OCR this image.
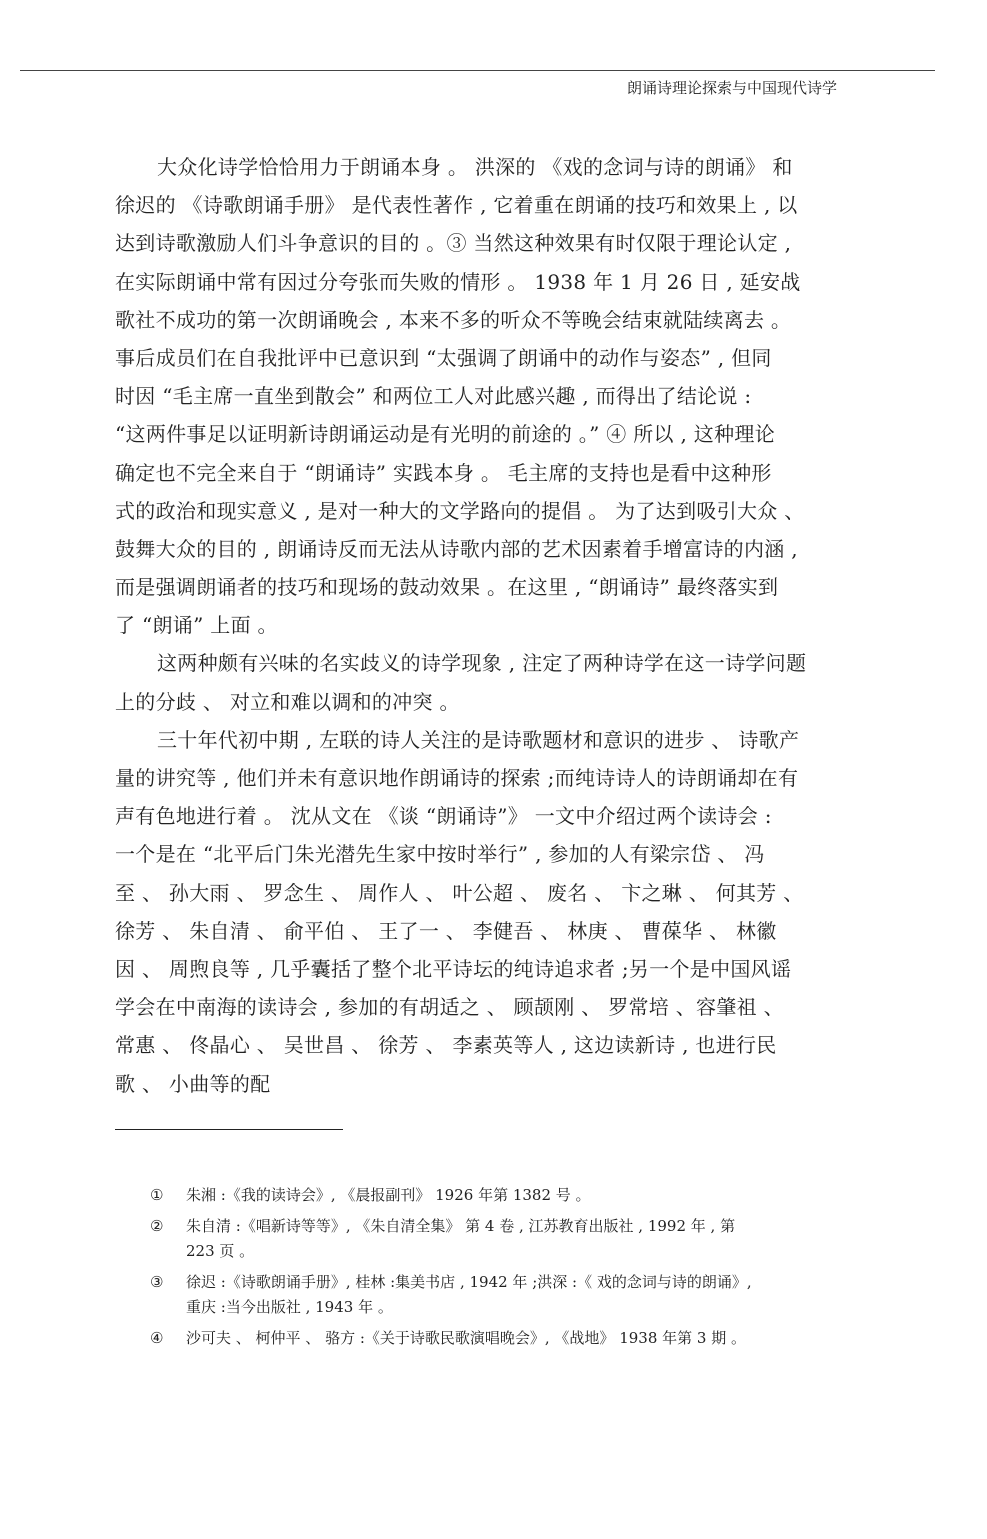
朗诵诗理论探索与中国现代诗学
大众化诗学恰恰用力于朗诵本身 。 洪深的 《戏的念词与诗的朗诵》 和
徐迟的 《诗歌朗诵手册》 是代表性著作 , 它着重在朗诵的技巧和效果上 , 以
达到诗歌激励人们斗争意识的目的 。③ 当然这种效果有时仅限于理论认定 ,
在实际朗诵中常有因过分夸张而失败的情形 。 1938 年 1 月 26 日 , 延安战
歌社不成功的第一次朗诵晚会 , 本来不多的听众不等晚会结束就陆续离去 。
事后成员们在自我批评中已意识到 “太强调了朗诵中的动作与姿态” , 但同
时因 “毛主席一直坐到散会” 和两位工人对此感兴趣 , 而得出了结论说 :
“这两件事足以证明新诗朗诵运动是有光明的前途的 。” ④ 所以 , 这种理论
确定也不完全来自于 “朗诵诗” 实践本身 。 毛主席的支持也是看中这种形
式的政治和现实意义 , 是对一种大的文学路向的提倡 。 为了达到吸引大众 、
鼓舞大众的目的 , 朗诵诗反而无法从诗歌内部的艺术因素着手增富诗的内涵 ,
而是强调朗诵者的技巧和现场的鼓动效果 。在这里 , “朗诵诗” 最终落实到
了 “朗诵” 上面 。
这两种颇有兴味的名实歧义的诗学现象 , 注定了两种诗学在这一诗学问题
上的分歧 、 对立和难以调和的冲突 。
三十年代初中期 , 左联的诗人关注的是诗歌题材和意识的进步 、 诗歌产
量的讲究等 , 他们并未有意识地作朗诵诗的探索 ;而纯诗诗人的诗朗诵却在有
声有色地进行着 。 沈从文在 《谈 “朗诵诗”》 一文中介绍过两个读诗会 :
一个是在 “北平后门朱光潜先生家中按时举行” , 参加的人有梁宗岱 、 冯
至 、 孙大雨 、 罗念生 、 周作人 、 叶公超 、 废名 、 卞之琳 、 何其芳 、
徐芳 、 朱自清 、 俞平伯 、 王了一 、 李健吾 、 林庚 、 曹葆华 、 林徽
因 、 周煦良等 , 几乎囊括了整个北平诗坛的纯诗追求者 ;另一个是中国风谣
学会在中南海的读诗会 , 参加的有胡适之 、 顾颉刚 、 罗常培 、容肇祖 、
常惠 、 佟晶心 、 吴世昌 、 徐芳 、 李素英等人 , 这边读新诗 , 也进行民
歌 、 小曲等的配
①	朱湘 :《我的读诗会》, 《晨报副刊》 1926 年第 1382 号 。
②	朱自清 :《唱新诗等等》, 《朱自清全集》 第 4 卷 , 江苏教育出版社 , 1992 年 , 第
223 页 。
③	徐迟 :《诗歌朗诵手册》, 桂林 :集美书店 , 1942 年 ;洪深 :《 戏的念词与诗的朗诵》,
重庆 :当今出版社 , 1943 年 。
④	沙可夫 、 柯仲平 、 骆方 :《关于诗歌民歌演唱晚会》, 《战地》 1938 年第 3 期 。
